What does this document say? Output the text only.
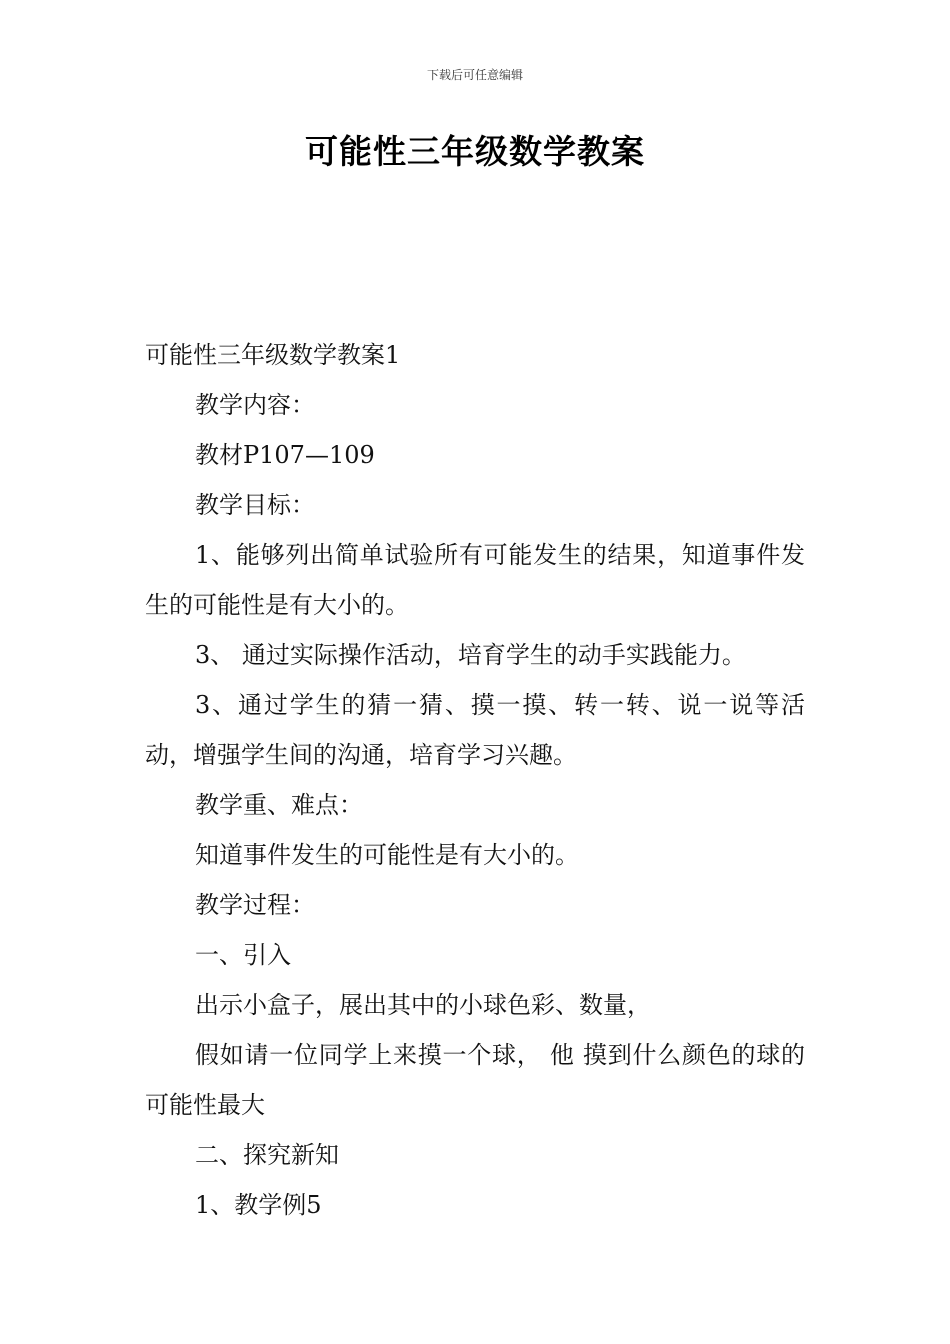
下载后可任意编辑
可能性三年级数学教案

可能性三年级数学教案1

教学内容：

教材P107—109

教学目标：

1、能够列出简单试验所有可能发生的结果，知道事件发生的可能性是有大小的。

3、 通过实际操作活动，培育学生的动手实践能力。

3、通过学生的猜一猜、摸一摸、转一转、说一说等活动，增强学生间的沟通，培育学习兴趣。

教学重、难点：

知道事件发生的可能性是有大小的。

教学过程：

一、引入

出示小盒子，展出其中的小球色彩、数量，

假如请一位同学上来摸一个球， 他 摸到什么颜色的球的可能性最大

二、探究新知

1、教学例5
